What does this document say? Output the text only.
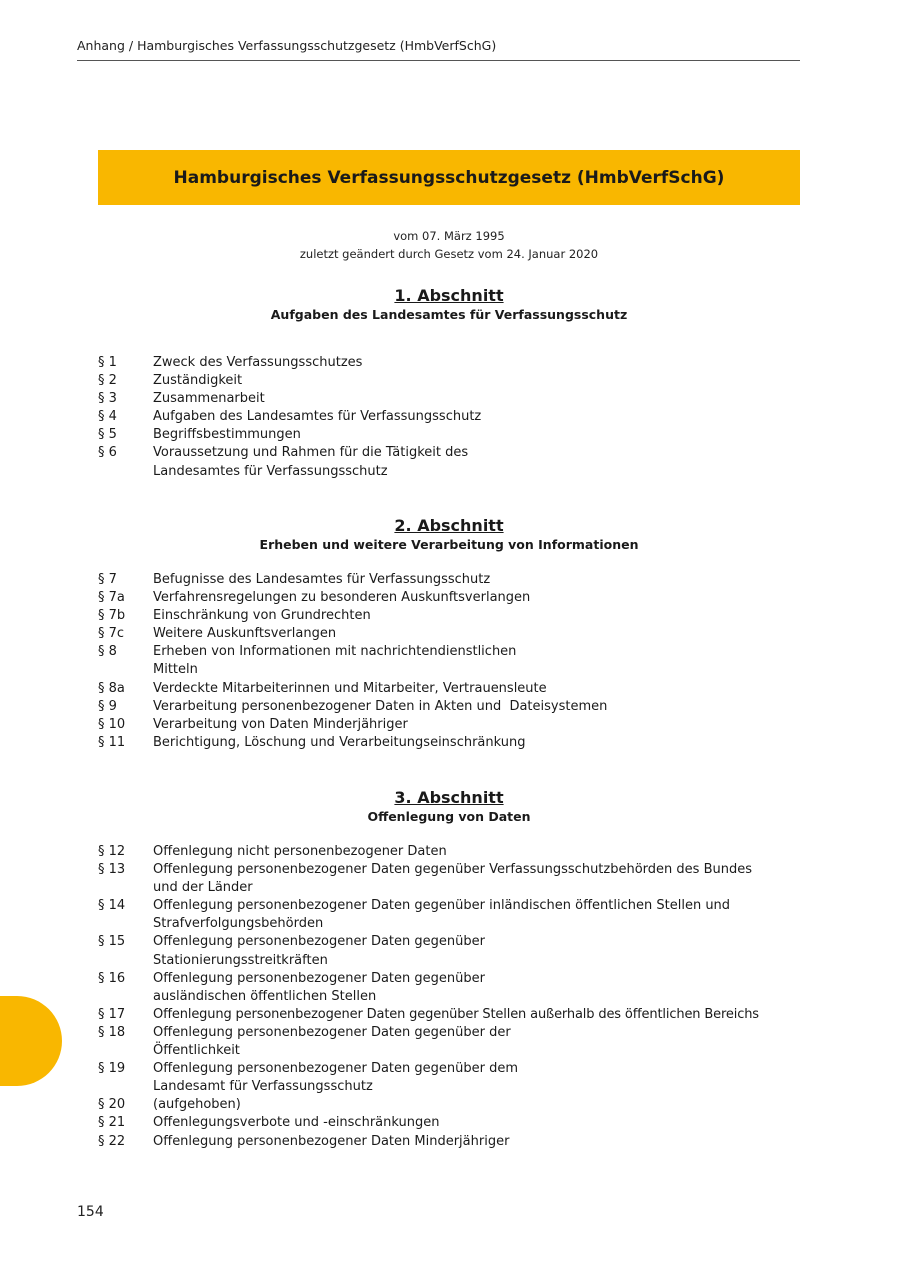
Anhang / Hamburgisches Verfassungsschutzgesetz (HmbVerfSchG)
Hamburgisches Verfassungsschutzgesetz (HmbVerfSchG)
vom 07. März 1995
zuletzt geändert durch Gesetz vom 24. Januar 2020
1. Abschnitt
Aufgaben des Landesamtes für Verfassungsschutz
§ 1	Zweck des Verfassungsschutzes
§ 2	Zuständigkeit
§ 3	Zusammenarbeit
§ 4	Aufgaben des Landesamtes für Verfassungsschutz
§ 5	Begriffsbestimmungen
§ 6	Voraussetzung und Rahmen für die Tätigkeit des
Landesamtes für Verfassungsschutz
2. Abschnitt
Erheben und weitere Verarbeitung von Informationen
§ 7	Befugnisse des Landesamtes für Verfassungsschutz
§ 7a	Verfahrensregelungen zu besonderen Auskunftsverlangen
§ 7b	Einschränkung von Grundrechten
§ 7c	Weitere Auskunftsverlangen
§ 8	Erheben von Informationen mit nachrichtendienstlichen
Mitteln
§ 8a	Verdeckte Mitarbeiterinnen und Mitarbeiter, Vertrauensleute
§ 9	Verarbeitung personenbezogener Daten in Akten und  Dateisystemen
§ 10	Verarbeitung von Daten Minderjähriger
§ 11	Berichtigung, Löschung und Verarbeitungseinschränkung
3. Abschnitt
Offenlegung von Daten
§ 12	Offenlegung nicht personenbezogener Daten
§ 13	Offenlegung personenbezogener Daten gegenüber Verfassungsschutzbehörden des Bundes
und der Länder
§ 14	Offenlegung personenbezogener Daten gegenüber inländischen öffentlichen Stellen und
Strafverfolgungsbehörden
§ 15	Offenlegung personenbezogener Daten gegenüber
Stationierungsstreitkräften
§ 16	Offenlegung personenbezogener Daten gegenüber
ausländischen öffentlichen Stellen
§ 17	Offenlegung personenbezogener Daten gegenüber Stellen außerhalb des öffentlichen Bereichs
§ 18	Offenlegung personenbezogener Daten gegenüber der
Öffentlichkeit
§ 19	Offenlegung personenbezogener Daten gegenüber dem
Landesamt für Verfassungsschutz
§ 20	(aufgehoben)
§ 21	Offenlegungsverbote und -einschränkungen
§ 22	Offenlegung personenbezogener Daten Minderjähriger
154
